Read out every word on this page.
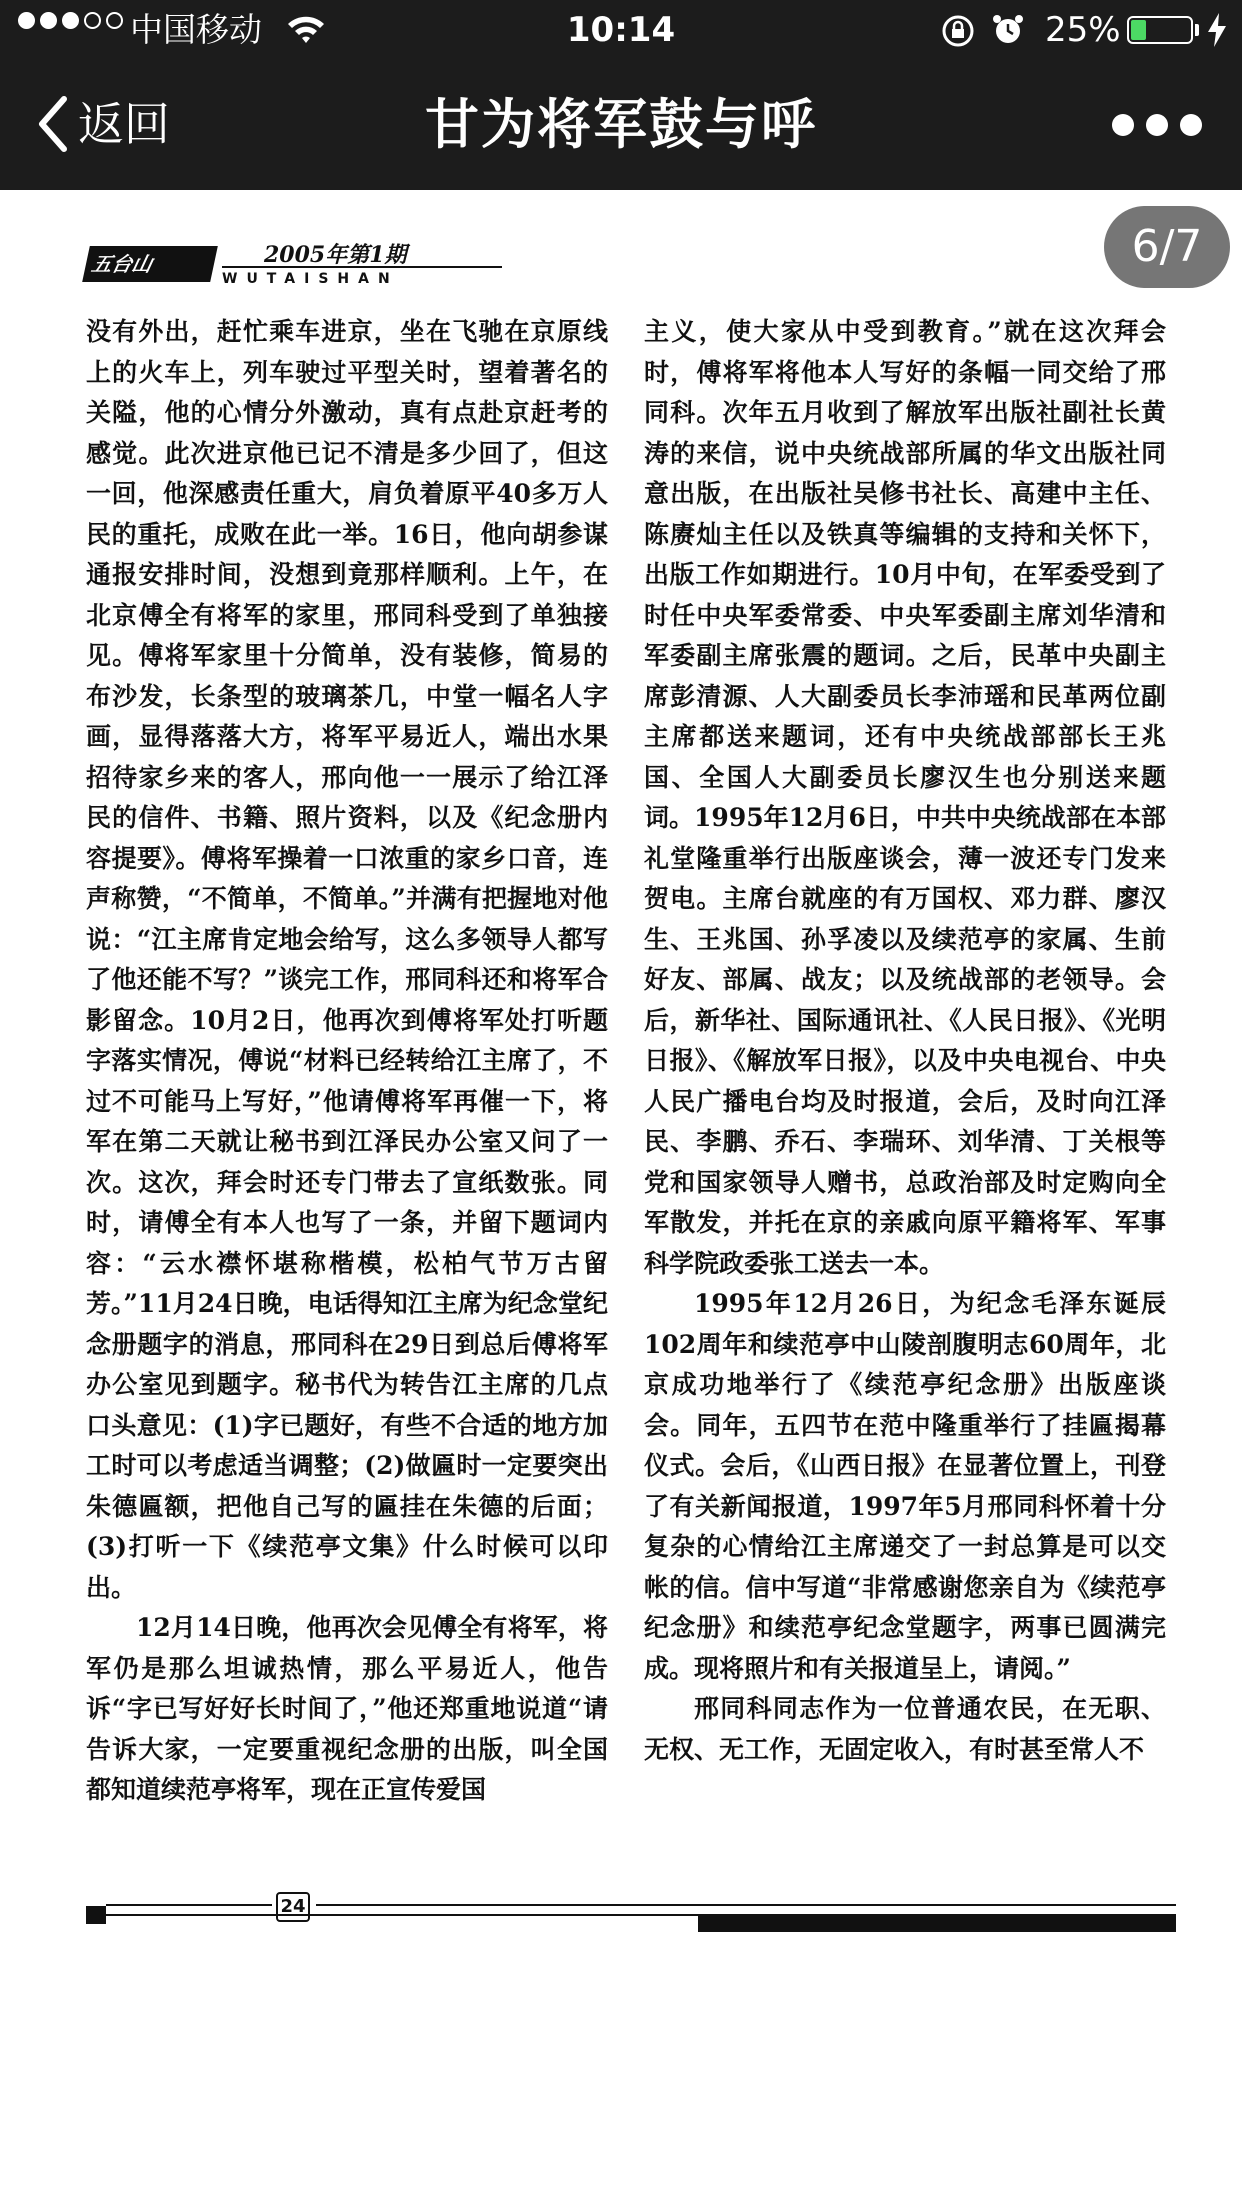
中国移动	10:14	25%
返回	甘为将军鼓与呼
五台山	2005年第1期
WUTAISHAN

没有外出，赶忙乘车进京，坐在飞驰在京原线上的火车上，列车驶过平型关时，望着著名的关隘，他的心情分外激动，真有点赴京赶考的感觉。此次进京他已记不清是多少回了，但这一回，他深感责任重大，肩负着原平40多万人民的重托，成败在此一举。16日，他向胡参谋通报安排时间，没想到竟那样顺利。上午，在北京傅全有将军的家里，邢同科受到了单独接见。傅将军家里十分简单，没有装修，简易的布沙发，长条型的玻璃茶几，中堂一幅名人字画，显得落落大方，将军平易近人，端出水果招待家乡来的客人，邢向他一一展示了给江泽民的信件、书籍、照片资料，以及《纪念册内容提要》。傅将军操着一口浓重的家乡口音，连声称赞，“不简单，不简单。”并满有把握地对他说：“江主席肯定地会给写，这么多领导人都写了他还能不写？”谈完工作，邢同科还和将军合影留念。10月2日，他再次到傅将军处打听题字落实情况，傅说“材料已经转给江主席了，不过不可能马上写好，”他请傅将军再催一下，将军在第二天就让秘书到江泽民办公室又问了一次。这次，拜会时还专门带去了宣纸数张。同时，请傅全有本人也写了一条，并留下题词内容：“云水襟怀堪称楷模，松柏气节万古留芳。”11月24日晚，电话得知江主席为纪念堂纪念册题字的消息，邢同科在29日到总后傅将军办公室见到题字。秘书代为转告江主席的几点口头意见：(1)字已题好，有些不合适的地方加工时可以考虑适当调整；(2)做匾时一定要突出朱德匾额，把他自己写的匾挂在朱德的后面；(3)打听一下《续范亭文集》什么时候可以印出。

12月14日晚，他再次会见傅全有将军，将军仍是那么坦诚热情，那么平易近人，他告诉“字已写好好长时间了，”他还郑重地说道“请告诉大家，一定要重视纪念册的出版，叫全国都知道续范亭将军，现在正宣传爱国

主义，使大家从中受到教育。”就在这次拜会时，傅将军将他本人写好的条幅一同交给了邢同科。次年五月收到了解放军出版社副社长黄涛的来信，说中央统战部所属的华文出版社同意出版，在出版社吴修书社长、高建中主任、陈赓灿主任以及铁真等编辑的支持和关怀下，出版工作如期进行。10月中旬，在军委受到了时任中央军委常委、中央军委副主席刘华清和军委副主席张震的题词。之后，民革中央副主席彭清源、人大副委员长李沛瑶和民革两位副主席都送来题词，还有中央统战部部长王兆国、全国人大副委员长廖汉生也分别送来题词。1995年12月6日，中共中央统战部在本部礼堂隆重举行出版座谈会，薄一波还专门发来贺电。主席台就座的有万国权、邓力群、廖汉生、王兆国、孙孚凌以及续范亭的家属、生前好友、部属、战友；以及统战部的老领导。会后，新华社、国际通讯社、《人民日报》、《光明日报》、《解放军日报》，以及中央电视台、中央人民广播电台均及时报道，会后，及时向江泽民、李鹏、乔石、李瑞环、刘华清、丁关根等党和国家领导人赠书，总政治部及时定购向全军散发，并托在京的亲戚向原平籍将军、军事科学院政委张工送去一本。

1995年12月26日，为纪念毛泽东诞辰102周年和续范亭中山陵剖腹明志60周年，北京成功地举行了《续范亭纪念册》出版座谈会。同年，五四节在范中隆重举行了挂匾揭幕仪式。会后，《山西日报》在显著位置上，刊登了有关新闻报道，1997年5月邢同科怀着十分复杂的心情给江主席递交了一封总算是可以交帐的信。信中写道“非常感谢您亲自为《续范亭纪念册》和续范亭纪念堂题字，两事已圆满完成。现将照片和有关报道呈上，请阅。”

邢同科同志作为一位普通农民，在无职、无权、无工作，无固定收入，有时甚至常人不

24
6/7
